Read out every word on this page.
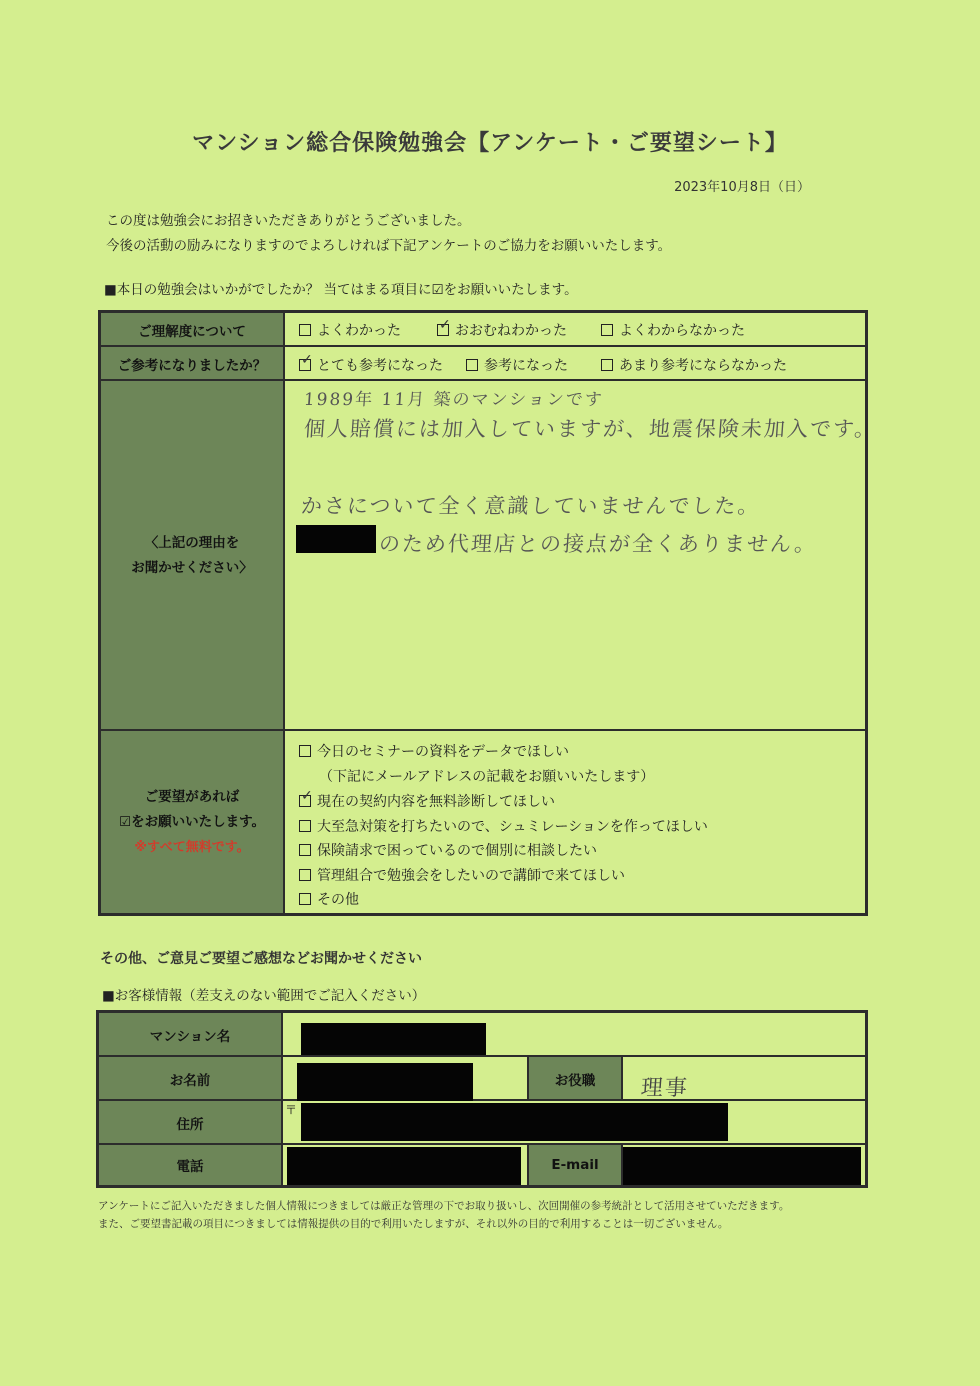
マンション総合保険勉強会【アンケート・ご要望シート】
2023年10月8日（日）
この度は勉強会にお招きいただきありがとうございました。
今後の活動の励みになりますのでよろしければ下記アンケートのご協力をお願いいたします。
■本日の勉強会はいかがでしたか？ 当てはまる項目に☑をお願いいたします。
ご理解度について
ご参考になりましたか？
〈上記の理由を
お聞かせください〉
ご要望があれば
☑をお願いいたします。
※すべて無料です。
よくわかった
✓	おおむねわかった	よくわからなかった
✓とても参考になった	参考になった	あまり参考にならなかった
1989年 11月 築のマンションです
個人賠償には加入していますが、地震保険未加入です。
かさについて全く意識していませんでした。
のため代理店との接点が全くありません。
今日のセミナーの資料をデータでほしい
（下記にメールアドレスの記載をお願いいたします）
✓現在の契約内容を無料診断してほしい
大至急対策を打ちたいので、シュミレーションを作ってほしい
保険請求で困っているので個別に相談したい
管理組合で勉強会をしたいので講師で来てほしい
その他
その他、ご意見ご要望ご感想などお聞かせください
■お客様情報（差支えのない範囲でご記入ください）
マンション名
お名前
住所
電話
お役職
E-mail
理事
〒
アンケートにご記入いただきました個人情報につきましては厳正な管理の下でお取り扱いし、次回開催の参考統計として活用させていただきます。
また、ご要望書記載の項目につきましては情報提供の目的で利用いたしますが、それ以外の目的で利用することは一切ございません。
